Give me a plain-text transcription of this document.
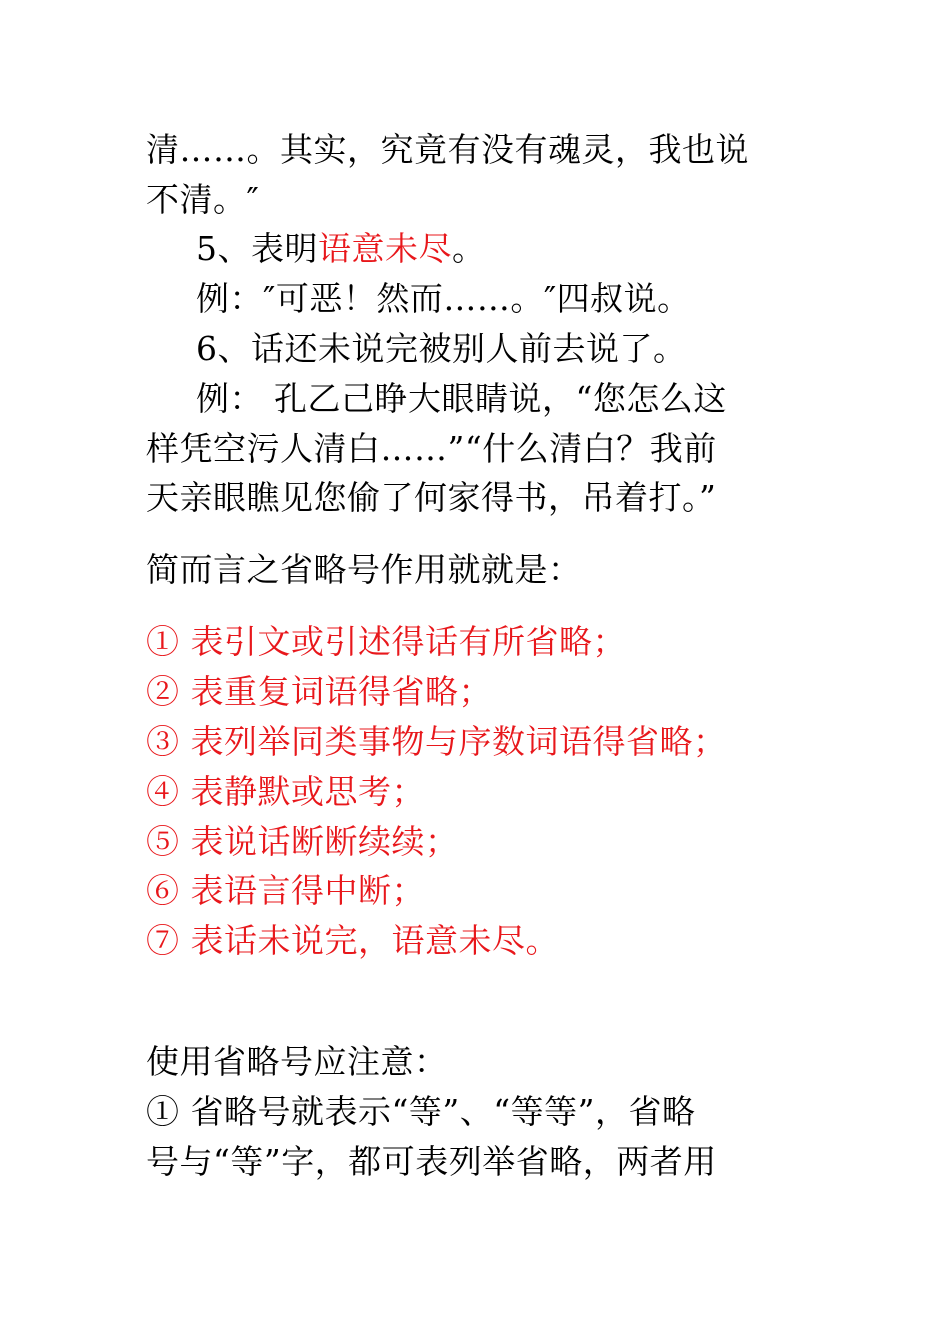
清……。其实，究竟有没有魂灵，我也说
不清。″
5、表明语意未尽。
例：″可恶！然而……。″四叔说。
6、话还未说完被别人前去说了。
例： 孔乙己睁大眼睛说，“您怎么这
样凭空污人清白……”“什么清白？我前
天亲眼瞧见您偷了何家得书，吊着打。”
简而言之省略号作用就就是：
① 表引文或引述得话有所省略；
② 表重复词语得省略；
③ 表列举同类事物与序数词语得省略；
④ 表静默或思考；
⑤ 表说话断断续续；
⑥ 表语言得中断；
⑦ 表话未说完，语意未尽。
使用省略号应注意：
① 省略号就表示“等”、“等等”，省略
号与“等”字，都可表列举省略，两者用
